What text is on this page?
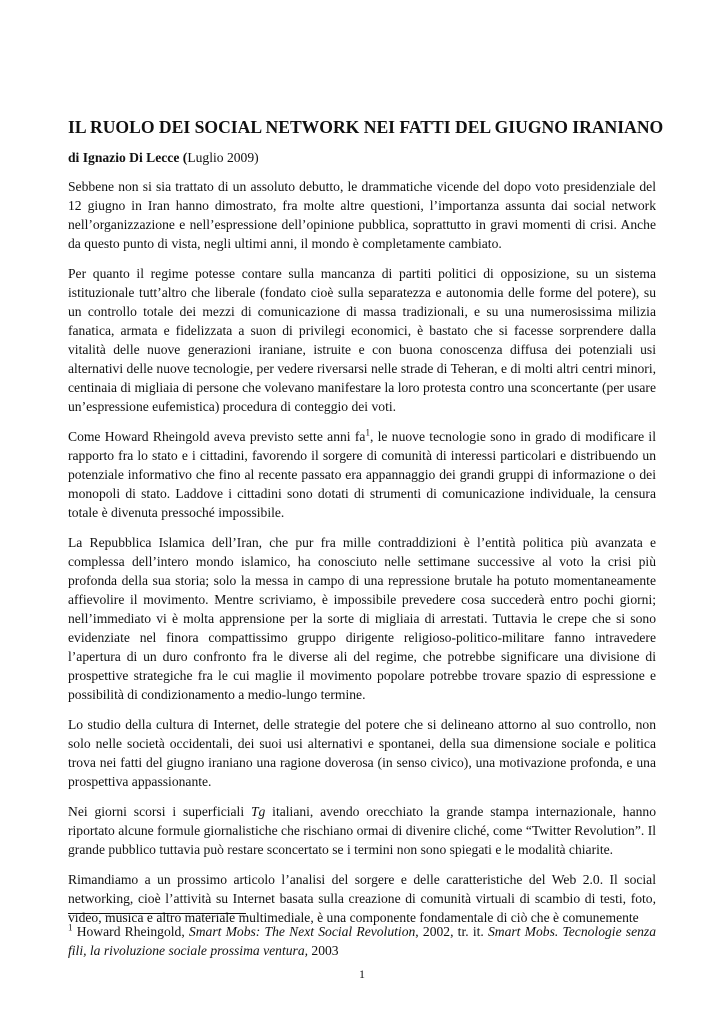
IL RUOLO DEI SOCIAL NETWORK NEI FATTI DEL GIUGNO IRANIANO
di Ignazio Di Lecce (Luglio 2009)

Sebbene non si sia trattato di un assoluto debutto, le drammatiche vicende del dopo voto presidenziale del 12 giugno in Iran hanno dimostrato, fra molte altre questioni, l’importanza assunta dai social network nell’organizzazione e nell’espressione dell’opinione pubblica, soprattutto in gravi momenti di crisi. Anche da questo punto di vista, negli ultimi anni, il mondo è completamente cambiato.

Per quanto il regime potesse contare sulla mancanza di partiti politici di opposizione, su un sistema istituzionale tutt’altro che liberale (fondato cioè sulla separatezza e autonomia delle forme del potere), su un controllo totale dei mezzi di comunicazione di massa tradizionali, e su una numerosissima milizia fanatica, armata e fidelizzata a suon di privilegi economici, è bastato che si facesse sorprendere dalla vitalità delle nuove generazioni iraniane, istruite e con buona conoscenza diffusa dei potenziali usi alternativi delle nuove tecnologie, per vedere riversarsi nelle strade di Teheran, e di molti altri centri minori, centinaia di migliaia di persone che volevano manifestare la loro protesta contro una sconcertante (per usare un’espressione eufemistica) procedura di conteggio dei voti.

Come Howard Rheingold aveva previsto sette anni $fa^1$, le nuove tecnologie sono in grado di modificare il rapporto fra lo stato e i cittadini, favorendo il sorgere di comunità di interessi particolari e distribuendo un potenziale informativo che fino al recente passato era appannaggio dei grandi gruppi di informazione o dei monopoli di stato. Laddove i cittadini sono dotati di strumenti di comunicazione individuale, la censura totale è divenuta pressoché impossibile.

La Repubblica Islamica dell’Iran, che pur fra mille contraddizioni è l’entità politica più avanzata e complessa dell’intero mondo islamico, ha conosciuto nelle settimane successive al voto la crisi più profonda della sua storia; solo la messa in campo di una repressione brutale ha potuto momentaneamente affievolire il movimento. Mentre scriviamo, è impossibile prevedere cosa succederà entro pochi giorni; nell’immediato vi è molta apprensione per la sorte di migliaia di arrestati. Tuttavia le crepe che si sono evidenziate nel finora compattissimo gruppo dirigente religioso-politico-militare fanno intravedere l’apertura di un duro confronto fra le diverse ali del regime, che potrebbe significare una divisione di prospettive strategiche fra le cui maglie il movimento popolare potrebbe trovare spazio di espressione e possibilità di condizionamento a medio-lungo termine.

Lo studio della cultura di Internet, delle strategie del potere che si delineano attorno al suo controllo, non solo nelle società occidentali, dei suoi usi alternativi e spontanei, della sua dimensione sociale e politica trova nei fatti del giugno iraniano una ragione doverosa (in senso civico), una motivazione profonda, e una prospettiva appassionante.

Nei giorni scorsi i superficiali Tg italiani, avendo orecchiato la grande stampa internazionale, hanno riportato alcune formule giornalistiche che rischiano ormai di divenire cliché, come “Twitter Revolution”. Il grande pubblico tuttavia può restare sconcertato se i termini non sono spiegati e le modalità chiarite.

Rimandiamo a un prossimo articolo l’analisi del sorgere e delle caratteristiche del Web 2.0. Il social networking, cioè l’attività su Internet basata sulla creazione di comunità virtuali di scambio di testi, foto, video, musica e altro materiale multimediale, è una componente fondamentale di ciò che è comunemente

$^1$ Howard Rheingold, Smart Mobs: The Next Social Revolution, 2002, tr. it. Smart Mobs. Tecnologie senza fili, la rivoluzione sociale prossima ventura, 2003
1
